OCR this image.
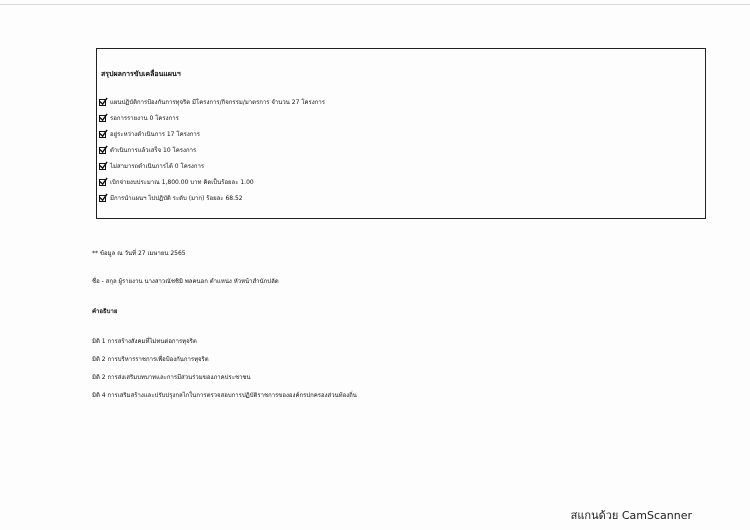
สรุปผลการขับเคลื่อนแผนฯ
แผนปฏิบัติการป้องกันการทุจริต มีโครงการ/กิจกรรม/มาตรการ จำนวน 27 โครงการ
รอการรายงาน 0 โครงการ
อยู่ระหว่างดำเนินการ 17 โครงการ
ดำเนินการแล้วเสร็จ 10 โครงการ
ไม่สามารถดำเนินการได้ 0 โครงการ
เบิกจ่ายงบประมาณ 1,800.00 บาท คิดเป็นร้อยละ 1.00
มีการนำแผนฯ ไปปฏิบัติ ระดับ (มาก) ร้อยละ 68.52
** ข้อมูล ณ วันที่ 27 เมษายน 2565
ชื่อ - สกุล ผู้รายงาน นางสาวณัชชิมิ พลคนอก ตำแหน่ง หัวหน้าสำนักปลัด
คำอธิบาย
มิติ 1 การสร้างสังคมที่ไม่ทนต่อการทุจริต
มิติ 2 การบริหารราชการเพื่อป้องกันการทุจริต
มิติ 2 การส่งเสริมบทบาทและการมีส่วนร่วมของภาคประชาชน
มิติ 4 การเสริมสร้างและปรับปรุงกลไกในการตรวจสอบการปฏิบัติราชการขององค์กรปกครองส่วนท้องถิ่น
สแกนด้วย CamScanner
